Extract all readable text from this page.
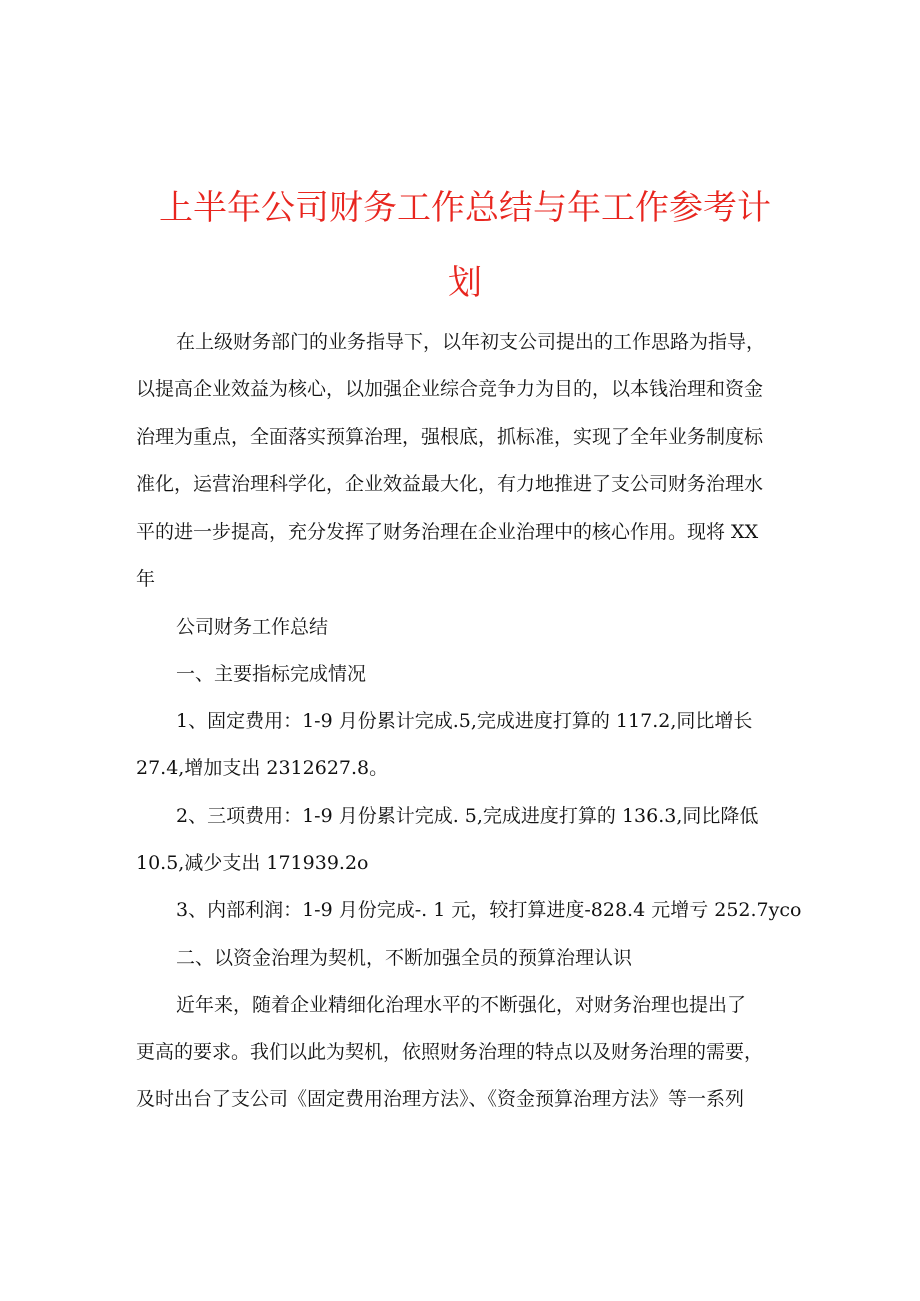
上半年公司财务工作总结与年工作参考计
划
在上级财务部门的业务指导下，以年初支公司提出的工作思路为指导，
以提高企业效益为核心，以加强企业综合竞争力为目的，以本钱治理和资金
治理为重点，全面落实预算治理，强根底，抓标准，实现了全年业务制度标
准化，运营治理科学化，企业效益最大化，有力地推进了支公司财务治理水
平的进一步提高，充分发挥了财务治理在企业治理中的核心作用。现将 XX
年
公司财务工作总结
一、主要指标完成情况
1、固定费用：1-9 月份累计完成.5,完成进度打算的 117.2,同比增长
27.4,增加支出 2312627.8。
2、三项费用：1-9 月份累计完成. 5,完成进度打算的 136.3,同比降低
10.5,减少支出 171939.2o
3、内部利润：1-9 月份完成-. 1 元，较打算进度-828.4 元增亏 252.7yco
二、以资金治理为契机，不断加强全员的预算治理认识
近年来，随着企业精细化治理水平的不断强化，对财务治理也提出了
更高的要求。我们以此为契机，依照财务治理的特点以及财务治理的需要，
及时出台了支公司《固定费用治理方法》、《资金预算治理方法》等一系列
